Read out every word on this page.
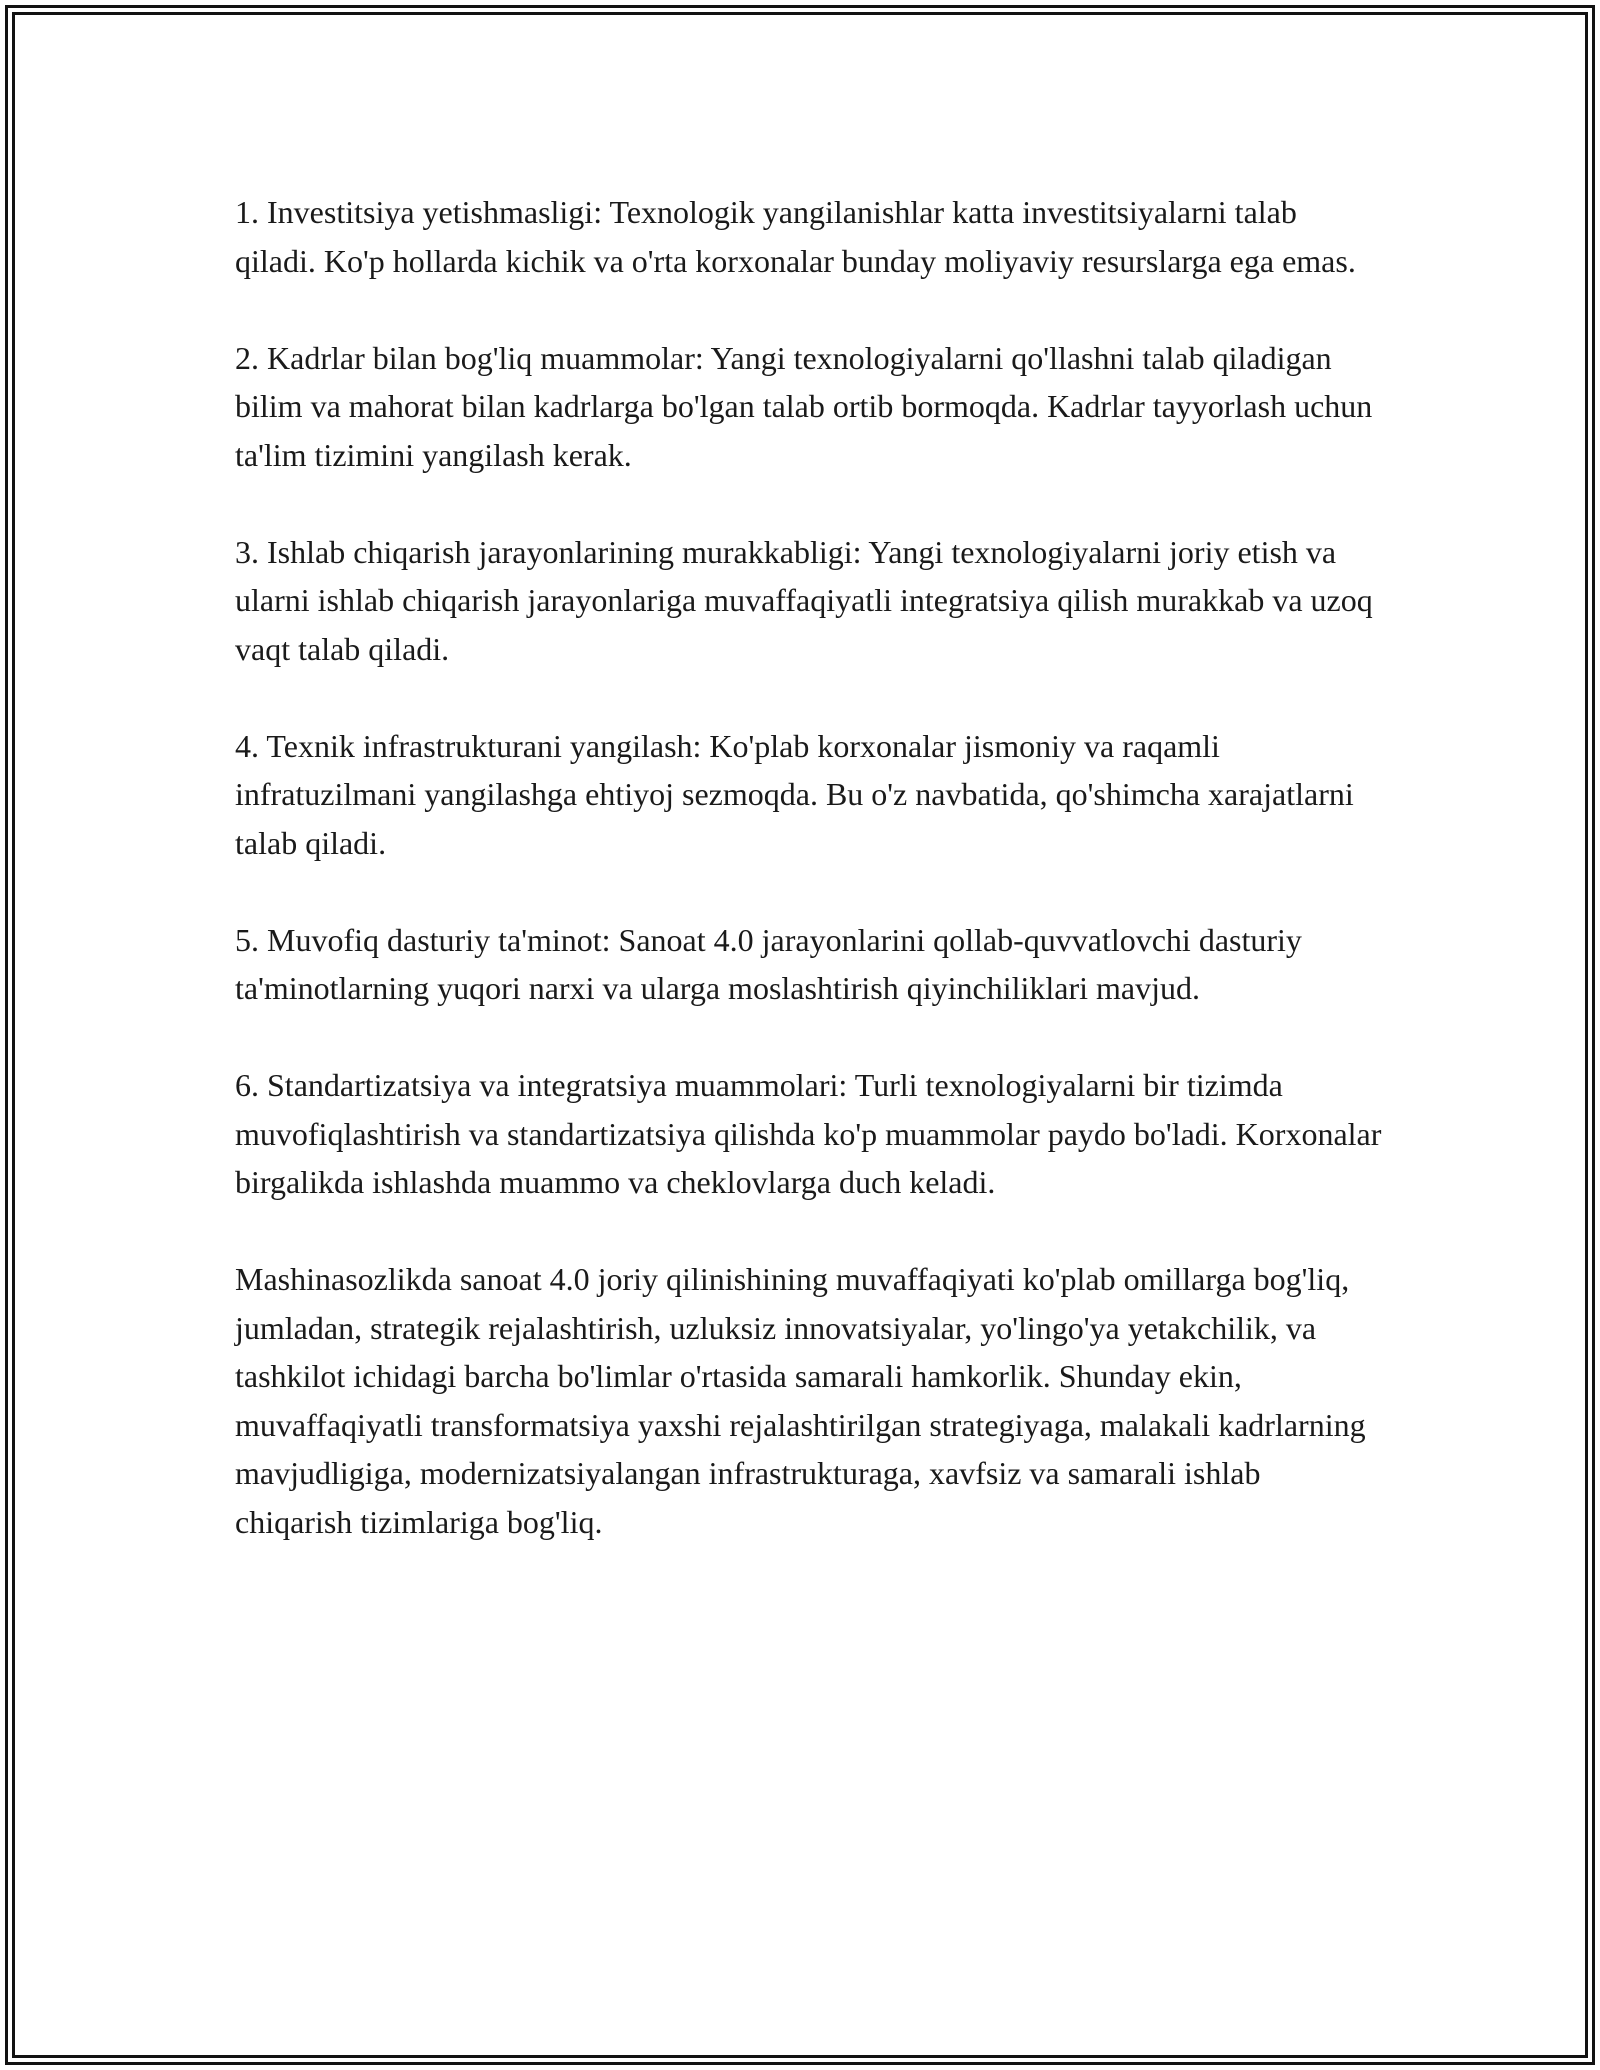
1. Investitsiya yetishmasligi: Texnologik yangilanishlar katta investitsiyalarni talab qiladi. Ko'p hollarda kichik va o'rta korxonalar bunday moliyaviy resurslarga ega emas.

2. Kadrlar bilan bog'liq muammolar: Yangi texnologiyalarni qo'llashni talab qiladigan bilim va mahorat bilan kadrlarga bo'lgan talab ortib bormoqda. Kadrlar tayyorlash uchun ta'lim tizimini yangilash kerak.

3. Ishlab chiqarish jarayonlarining murakkabligi: Yangi texnologiyalarni joriy etish va ularni ishlab chiqarish jarayonlariga muvaffaqiyatli integratsiya qilish murakkab va uzoq vaqt talab qiladi.

4. Texnik infrastrukturani yangilash: Ko'plab korxonalar jismoniy va raqamli infratuzilmani yangilashga ehtiyoj sezmoqda. Bu o'z navbatida, qo'shimcha xarajatlarni talab qiladi.

5. Muvofiq dasturiy ta'minot: Sanoat 4.0 jarayonlarini qollab-quvvatlovchi dasturiy ta'minotlarning yuqori narxi va ularga moslashtirish qiyinchiliklari mavjud.

6. Standartizatsiya va integratsiya muammolari: Turli texnologiyalarni bir tizimda muvofiqlashtirish va standartizatsiya qilishda ko'p muammolar paydo bo'ladi. Korxonalar birgalikda ishlashda muammo va cheklovlarga duch keladi.

Mashinasozlikda sanoat 4.0 joriy qilinishining muvaffaqiyati ko'plab omillarga bog'liq, jumladan, strategik rejalashtirish, uzluksiz innovatsiyalar, yo'lingo'ya yetakchilik, va tashkilot ichidagi barcha bo'limlar o'rtasida samarali hamkorlik. Shunday ekin, muvaffaqiyatli transformatsiya yaxshi rejalashtirilgan strategiyaga, malakali kadrlarning mavjudligiga, modernizatsiyalangan infrastrukturaga, xavfsiz va samarali ishlab chiqarish tizimlariga bog'liq.
